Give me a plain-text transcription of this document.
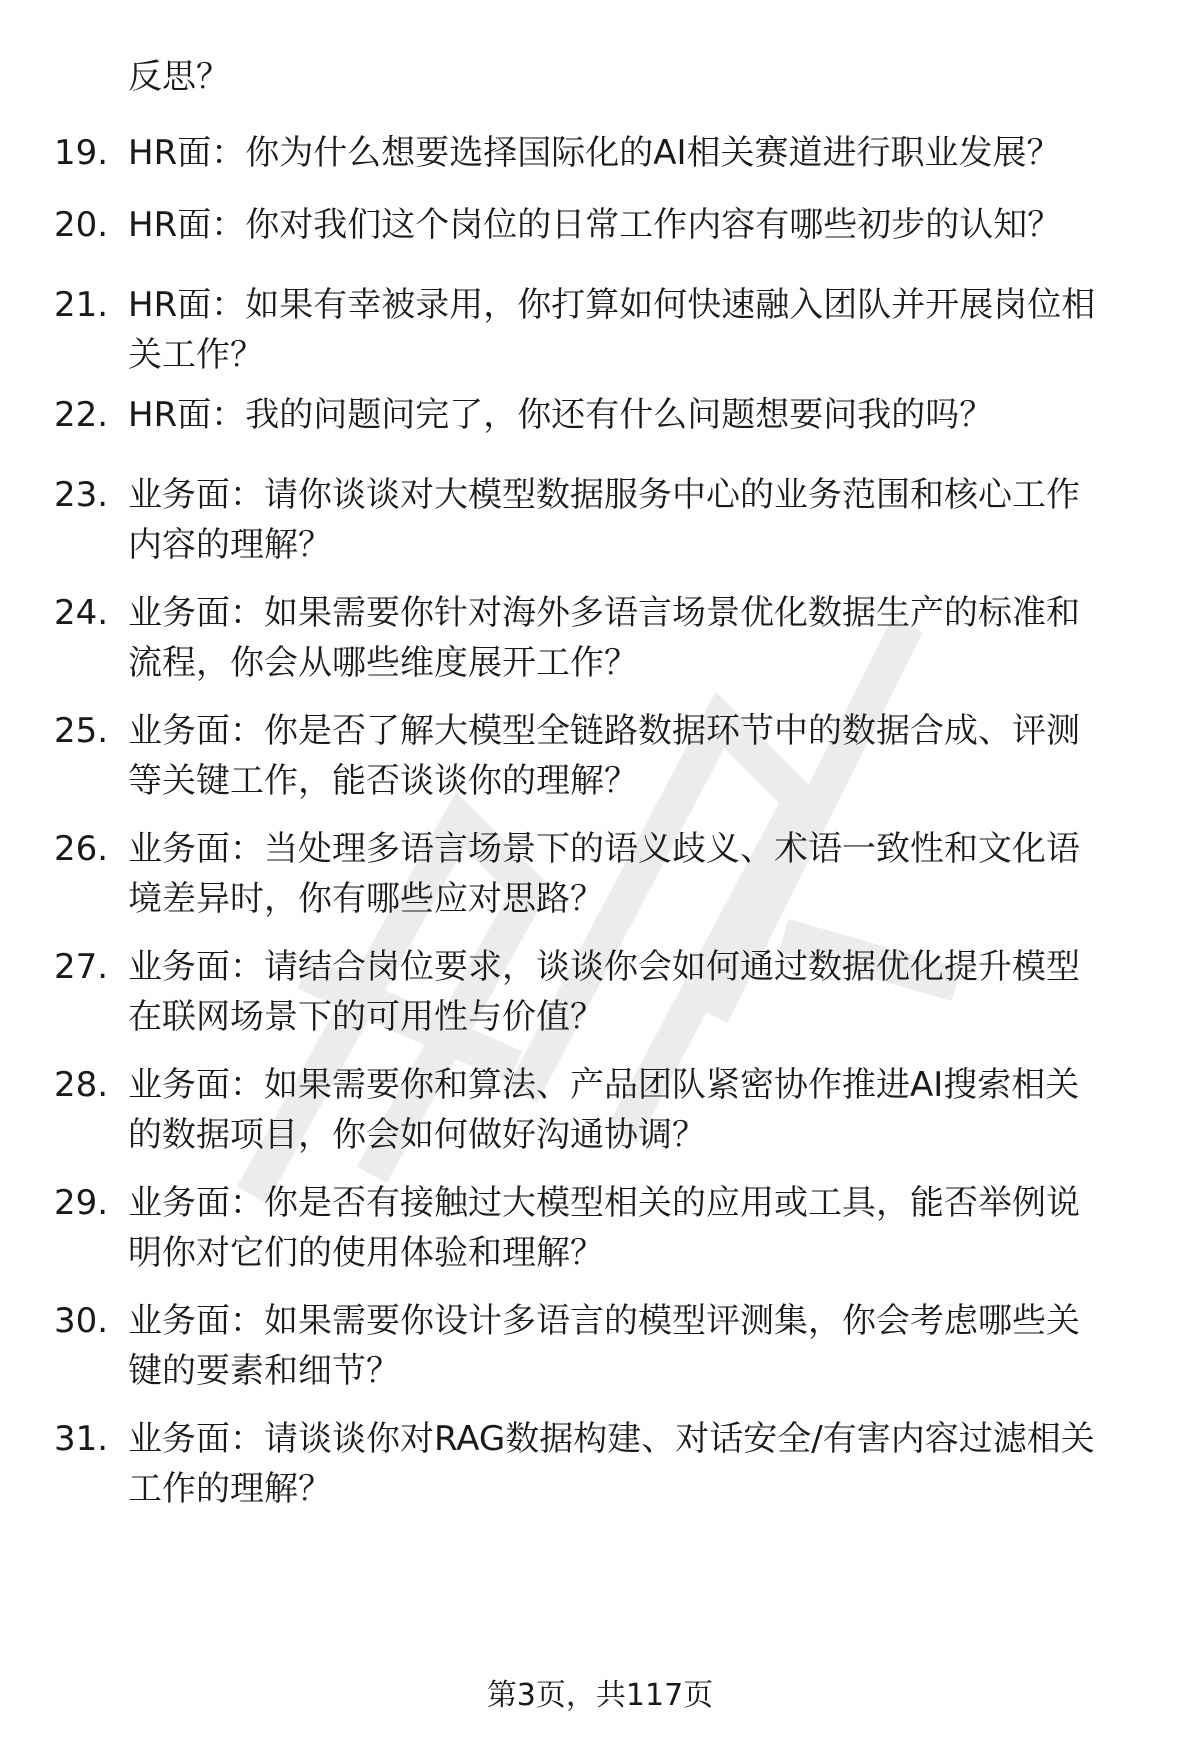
反思？
19. HR面：你为什么想要选择国际化的AI相关赛道进行职业发展？
20. HR面：你对我们这个岗位的日常工作内容有哪些初步的认知？
21. HR面：如果有幸被录用，你打算如何快速融入团队并开展岗位相
关工作？
22. HR面：我的问题问完了，你还有什么问题想要问我的吗？
23. 业务面：请你谈谈对大模型数据服务中心的业务范围和核心工作
内容的理解？
24. 业务面：如果需要你针对海外多语言场景优化数据生产的标准和
流程，你会从哪些维度展开工作？
25. 业务面：你是否了解大模型全链路数据环节中的数据合成、评测
等关键工作，能否谈谈你的理解？
26. 业务面：当处理多语言场景下的语义歧义、术语一致性和文化语
境差异时，你有哪些应对思路？
27. 业务面：请结合岗位要求，谈谈你会如何通过数据优化提升模型
在联网场景下的可用性与价值？
28. 业务面：如果需要你和算法、产品团队紧密协作推进AI搜索相关
的数据项目，你会如何做好沟通协调？
29. 业务面：你是否有接触过大模型相关的应用或工具，能否举例说
明你对它们的使用体验和理解？
30. 业务面：如果需要你设计多语言的模型评测集，你会考虑哪些关
键的要素和细节？
31. 业务面：请谈谈你对RAG数据构建、对话安全/有害内容过滤相关
工作的理解？
第3页，共117页
